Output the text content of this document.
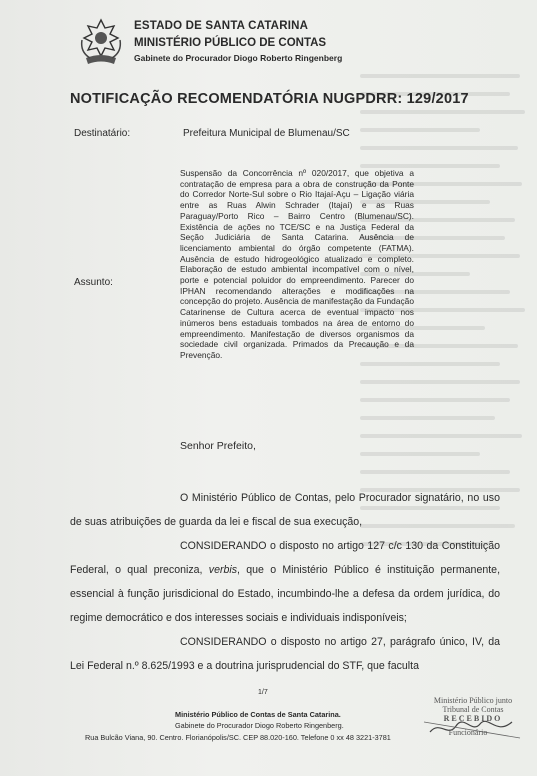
ESTADO DE SANTA CATARINA
MINISTÉRIO PÚBLICO DE CONTAS
Gabinete do Procurador Diogo Roberto Ringenberg
NOTIFICAÇÃO RECOMENDATÓRIA NUGPDRR: 129/2017
Destinatário:	Prefeitura Municipal de Blumenau/SC
Assunto:
Suspensão da Concorrência nº 020/2017, que objetiva a contratação de empresa para a obra de construção da Ponte do Corredor Norte-Sul sobre o Rio Itajaí-Açu – Ligação viária entre as Ruas Alwin Schrader (Itajaí) e as Ruas Paraguay/Porto Rico – Bairro Centro (Blumenau/SC). Existência de ações no TCE/SC e na Justiça Federal da Seção Judiciária de Santa Catarina. Ausência de licenciamento ambiental do órgão competente (FATMA). Ausência de estudo hidrogeológico atualizado e completo. Elaboração de estudo ambiental incompatível com o nível, porte e potencial poluidor do empreendimento. Parecer do IPHAN recomendando alterações e modificações na concepção do projeto. Ausência de manifestação da Fundação Catarinense de Cultura acerca de eventual impacto nos inúmeros bens estaduais tombados na área de entorno do empreendimento. Manifestação de diversos organismos da sociedade civil organizada. Primados da Precaução e da Prevenção.
Senhor Prefeito,

O Ministério Público de Contas, pelo Procurador signatário, no uso de suas atribuições de guarda da lei e fiscal de sua execução,

CONSIDERANDO o disposto no artigo 127 c/c 130 da Constituição Federal, o qual preconiza, verbis, que o Ministério Público é instituição permanente, essencial à função jurisdicional do Estado, incumbindo-lhe a defesa da ordem jurídica, do regime democrático e dos interesses sociais e individuais indisponíveis;

CONSIDERANDO o disposto no artigo 27, parágrafo único, IV, da Lei Federal n.º 8.625/1993 e a doutrina jurisprudencial do STF, que faculta

1/7
Ministério Público de Contas de Santa Catarina.
Gabinete do Procurador Diogo Roberto Ringenberg.
Rua Bulcão Viana, 90. Centro. Florianópolis/SC. CEP 88.020-160. Telefone 0 xx 48 3221-3781
Ministério Público junto
Tribunal de Contas
RECEBIDO
Funcionário
